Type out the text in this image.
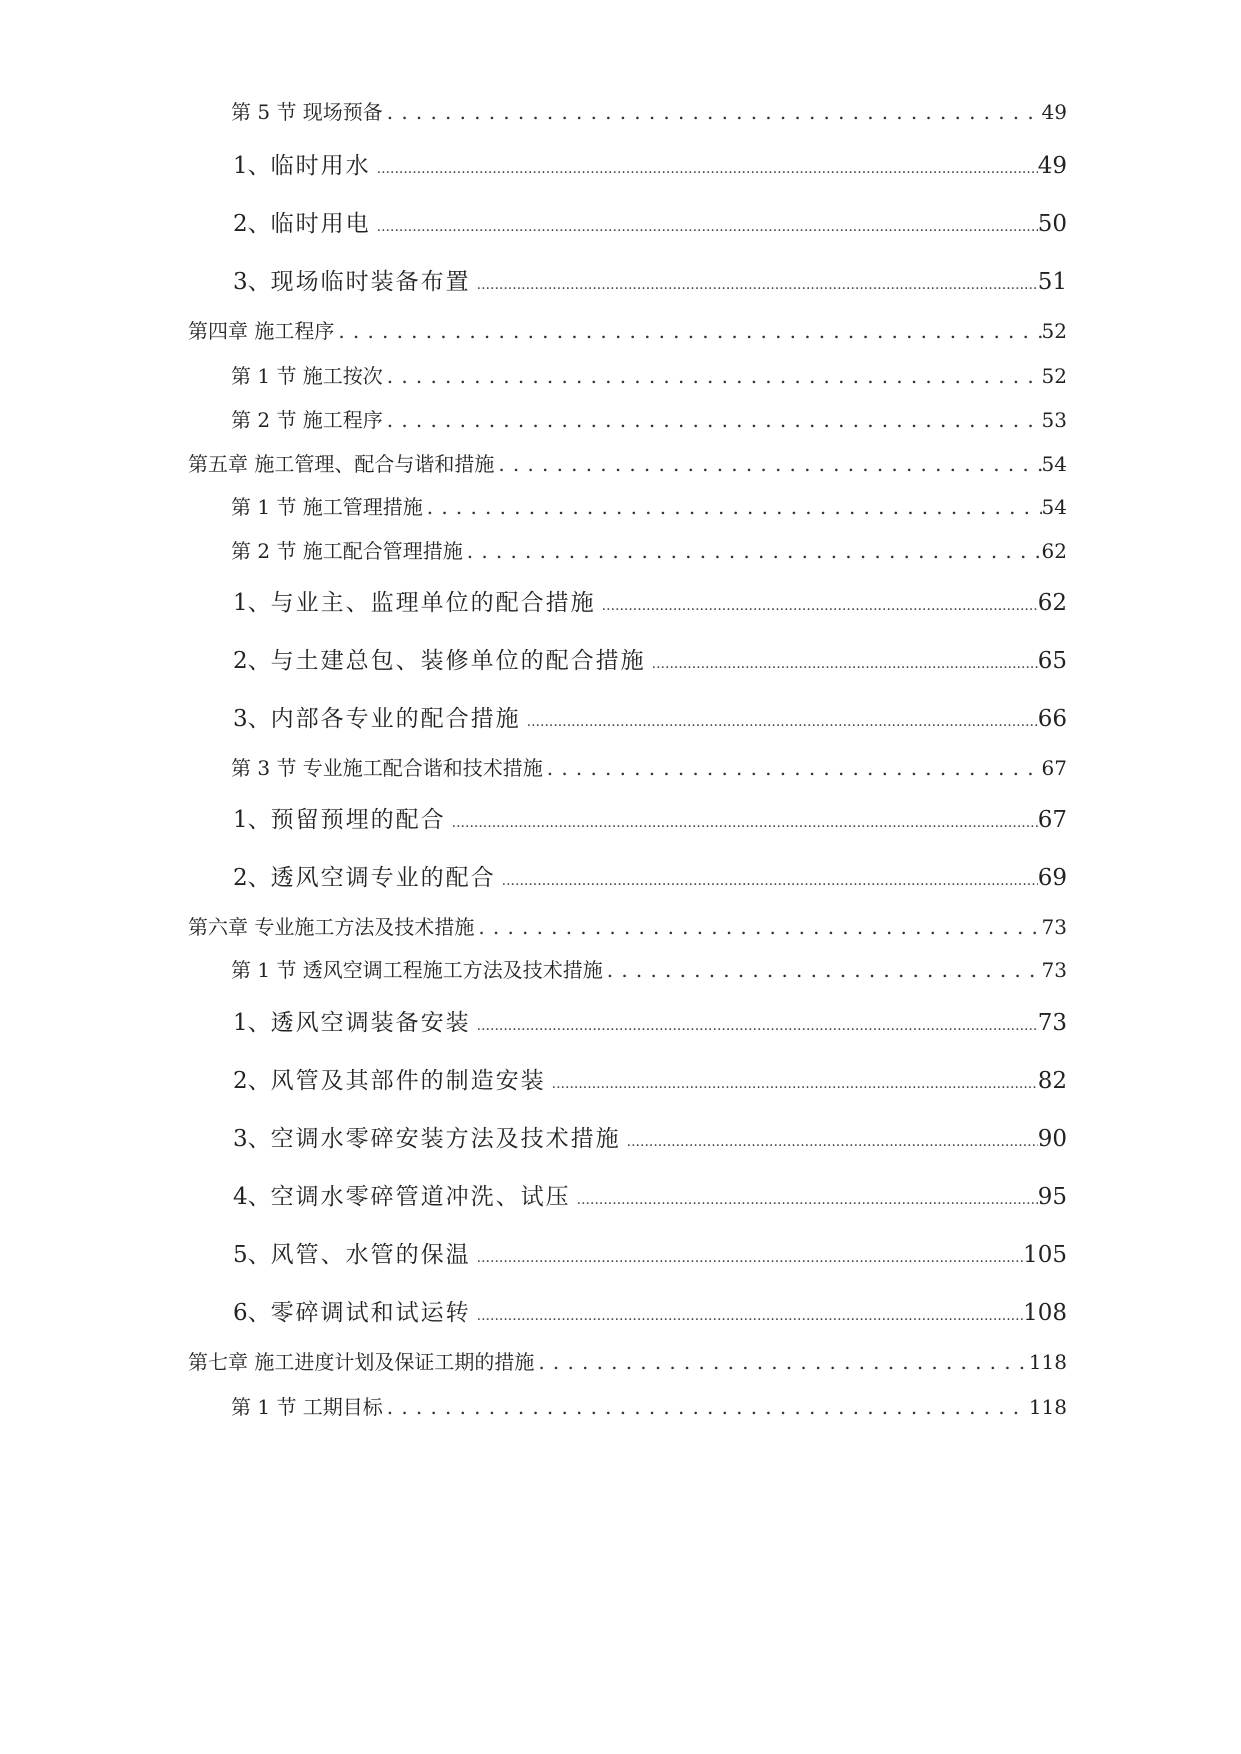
第 5 节 现场预备 .....	49
1、 临时用水 .....	49
2、 临时用电 .....	50
3、 现场临时装备布置 .....	51
第四章 施工程序 .....	52
第 1 节 施工按次 .....	52
第 2 节 施工程序 .....	53
第五章 施工管理、配合与谐和措施 .....	54
第 1 节 施工管理措施 .....	54
第 2 节 施工配合管理措施 .....	62
1、 与业主、监理单位的配合措施 .....	62
2、 与土建总包、装修单位的配合措施 .....	65
3、 内部各专业的配合措施 .....	66
第 3 节 专业施工配合谐和技术措施 .....	67
1、 预留预埋的配合 .....	67
2、 透风空调专业的配合 .....	69
第六章 专业施工方法及技术措施 .....	73
第 1 节 透风空调工程施工方法及技术措施 .....	73
1、 透风空调装备安装 .....	73
2、 风管及其部件的制造安装 .....	82
3、 空调水零碎安装方法及技术措施 .....	90
4、 空调水零碎管道冲洗、试压 .....	95
5、 风管、水管的保温 .....	105
6、 零碎调试和试运转 .....	108
第七章 施工进度计划及保证工期的措施 .....	118
第 1 节 工期目标 .....	118
